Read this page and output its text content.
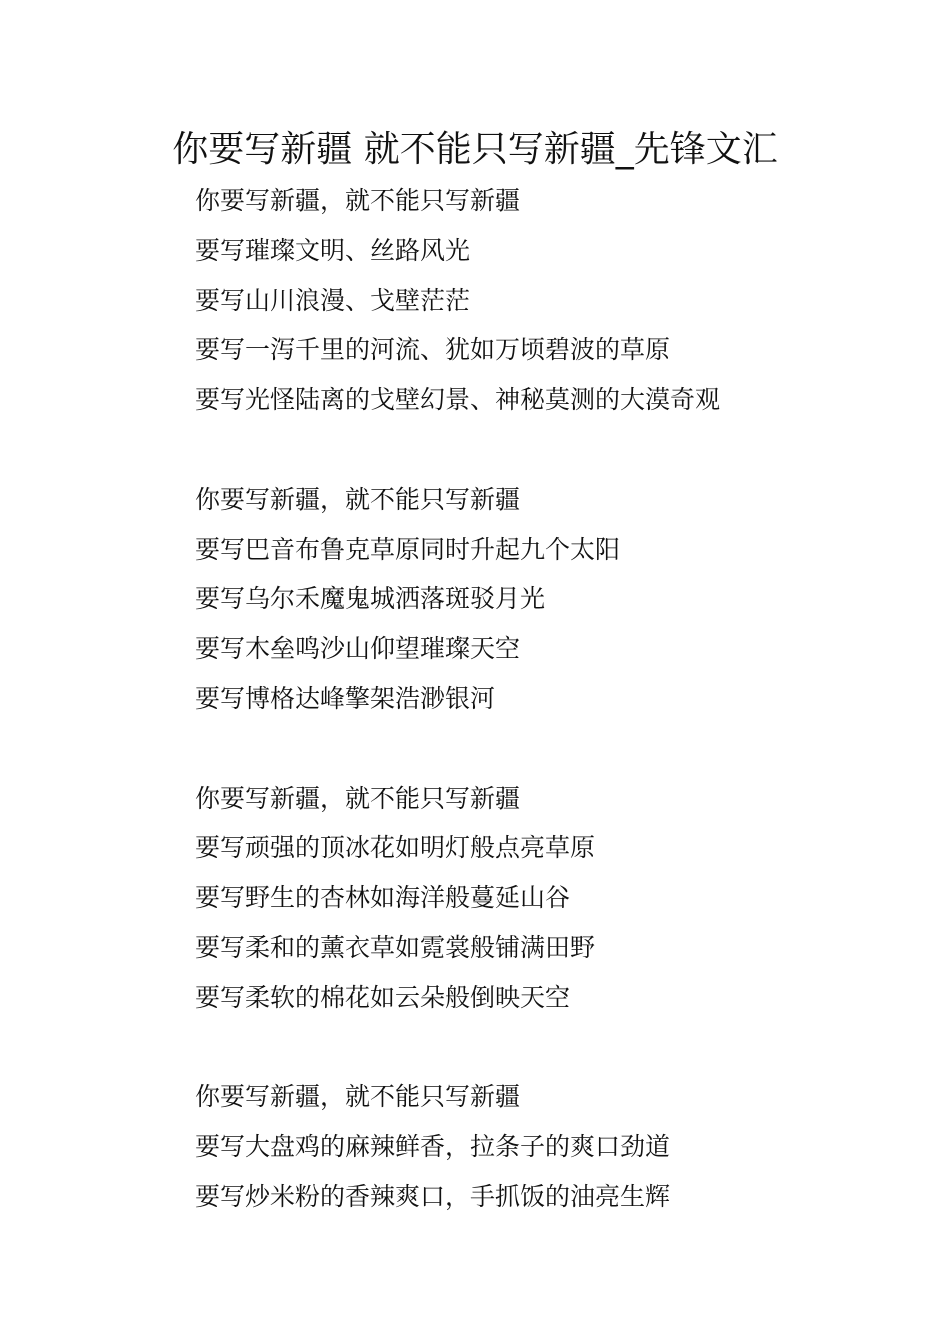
你要写新疆 就不能只写新疆_先锋文汇

你要写新疆，就不能只写新疆

要写璀璨文明、丝路风光

要写山川浪漫、戈壁茫茫

要写一泻千里的河流、犹如万顷碧波的草原

要写光怪陆离的戈壁幻景、神秘莫测的大漠奇观

你要写新疆，就不能只写新疆

要写巴音布鲁克草原同时升起九个太阳

要写乌尔禾魔鬼城洒落斑驳月光

要写木垒鸣沙山仰望璀璨天空

要写博格达峰擎架浩渺银河

你要写新疆，就不能只写新疆

要写顽强的顶冰花如明灯般点亮草原

要写野生的杏林如海洋般蔓延山谷

要写柔和的薰衣草如霓裳般铺满田野

要写柔软的棉花如云朵般倒映天空

你要写新疆，就不能只写新疆

要写大盘鸡的麻辣鲜香，拉条子的爽口劲道

要写炒米粉的香辣爽口，手抓饭的油亮生辉
